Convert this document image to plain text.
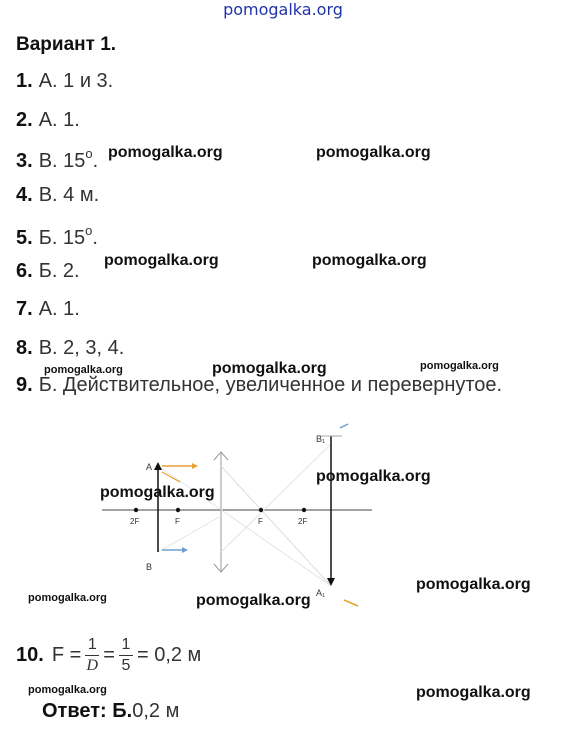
pomogalka.org
Вариант 1.
1. А. 1 и 3.
2. А. 1.
3. В. 15$^o$.
4. В. 4 м.
5. Б. 15$^o$.
6. Б. 2.
7. А. 1.
8. В. 2, 3, 4.
9. Б. Действительное, увеличенное и перевернутое.
A
B
B₁
A₁
2F	F	F	2F
10. $F = \frac{1}{D} = \frac{1}{5} = 0,2$ м
Ответ: Б.0,2 м
pomogalka.org	pomogalka.org
pomogalka.org	pomogalka.org
pomogalka.org	pomogalka.org	pomogalka.org
pomogalka.org
pomogalka.org
pomogalka.org
pomogalka.org	pomogalka.org
pomogalka.org	pomogalka.org
